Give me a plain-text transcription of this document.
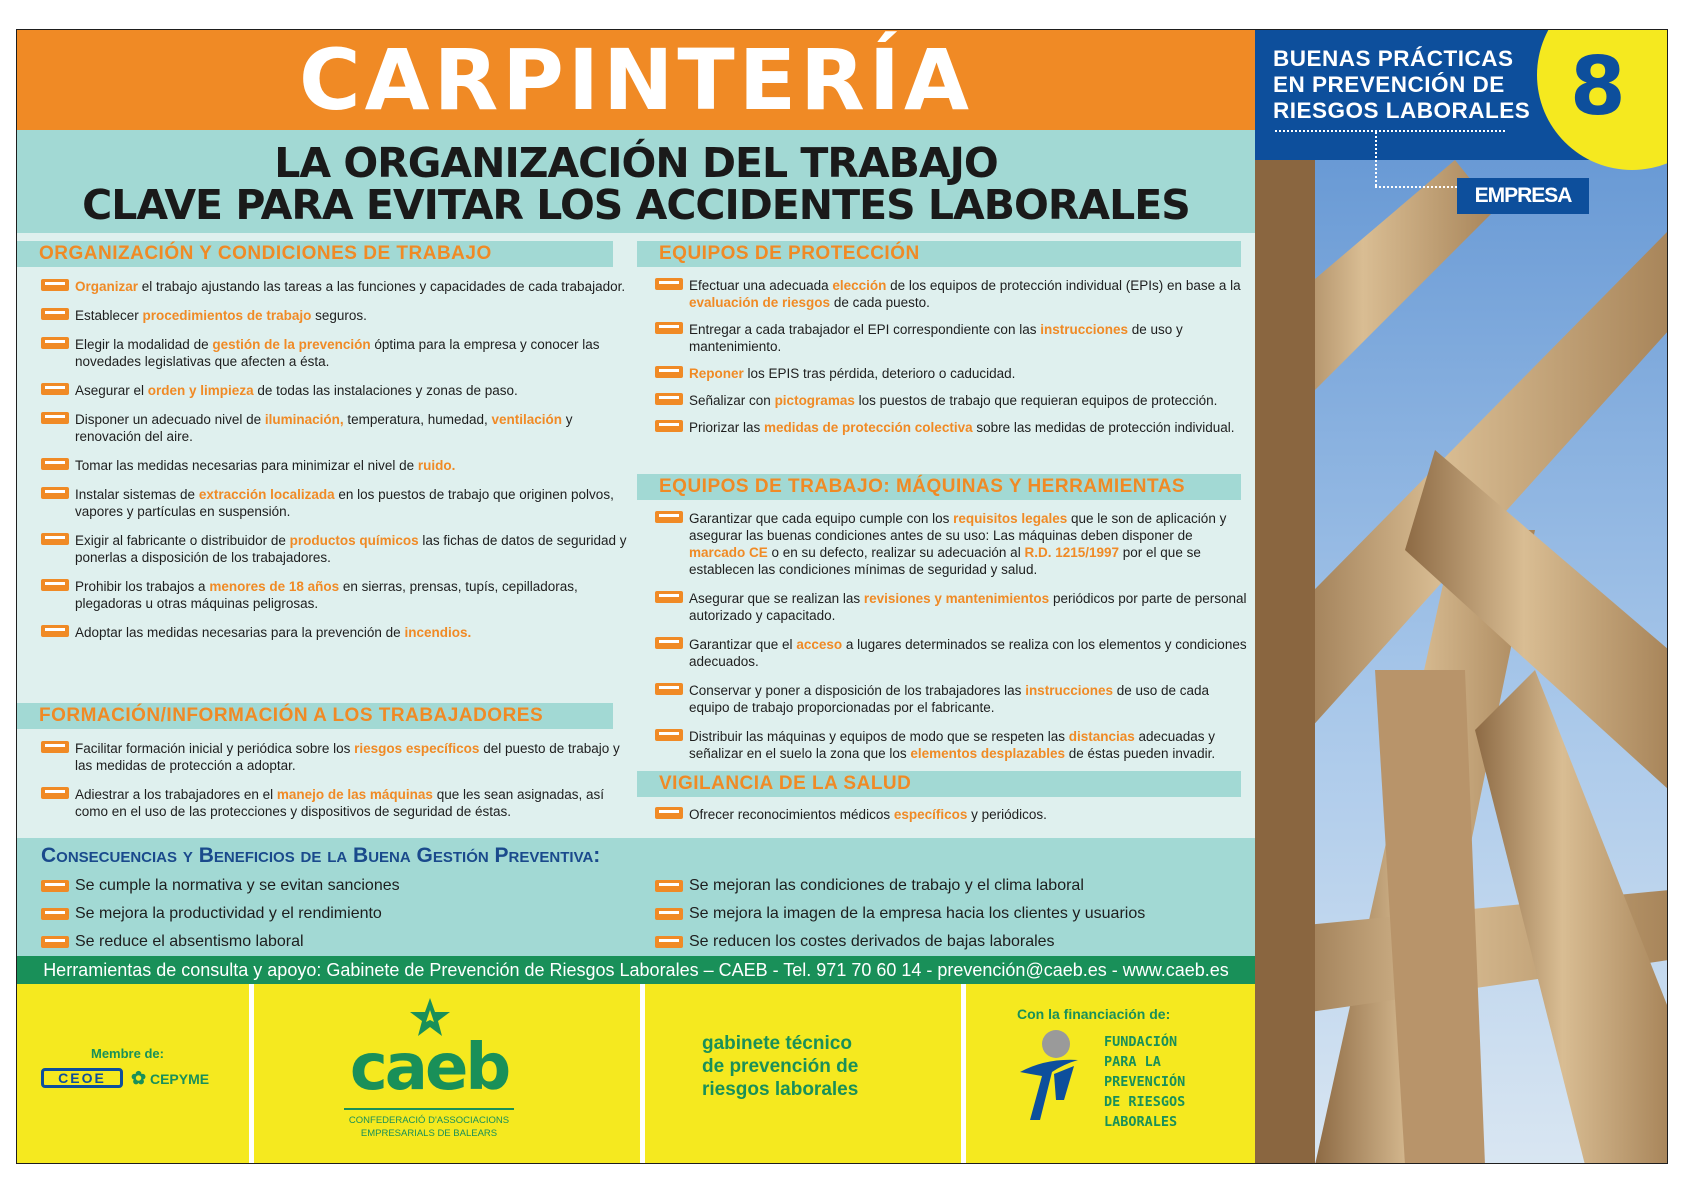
CARPINTERÍA
LA ORGANIZACIÓN DEL TRABAJO
CLAVE PARA EVITAR LOS ACCIDENTES LABORALES
ORGANIZACIÓN Y CONDICIONES DE TRABAJO
Organizar el trabajo ajustando las tareas a las funciones y capacidades de cada trabajador.
Establecer procedimientos de trabajo seguros.
Elegir la modalidad de gestión de la prevención óptima para la empresa y conocer las novedades legislativas que afecten a ésta.
Asegurar el orden y limpieza de todas las instalaciones y zonas de paso.
Disponer un adecuado nivel de iluminación, temperatura, humedad, ventilación y renovación del aire.
Tomar las medidas necesarias para minimizar el nivel de ruido.
Instalar sistemas de extracción localizada en los puestos de trabajo que originen polvos, vapores y partículas en suspensión.
Exigir al fabricante o distribuidor de productos químicos las fichas de datos de seguridad y ponerlas a disposición de los trabajadores.
Prohibir los trabajos a menores de 18 años en sierras, prensas, tupís, cepilladoras, plegadoras u otras máquinas peligrosas.
Adoptar las medidas necesarias para la prevención de incendios.
FORMACIÓN/INFORMACIÓN A LOS TRABAJADORES
Facilitar formación inicial y periódica sobre los riesgos específicos del puesto de trabajo y las medidas de protección a adoptar.
Adiestrar a los trabajadores en el manejo de las máquinas que les sean asignadas, así como en el uso de las protecciones y dispositivos de seguridad de éstas.
EQUIPOS DE PROTECCIÓN
Efectuar una adecuada elección de los equipos de protección individual (EPIs) en base a la evaluación de riesgos de cada puesto.
Entregar a cada trabajador el EPI correspondiente con las instrucciones de uso y mantenimiento.
Reponer los EPIS tras pérdida, deterioro o caducidad.
Señalizar con pictogramas los puestos de trabajo que requieran equipos de protección.
Priorizar las medidas de protección colectiva sobre las medidas de protección individual.
EQUIPOS DE TRABAJO: MÁQUINAS Y HERRAMIENTAS
Garantizar que cada equipo cumple con los requisitos legales que le son de aplicación y asegurar las buenas condiciones antes de su uso: Las máquinas deben disponer de marcado CE o en su defecto, realizar su adecuación al R.D. 1215/1997 por el que se establecen las condiciones mínimas de seguridad y salud.
Asegurar que se realizan las revisiones y mantenimientos periódicos por parte de personal autorizado y capacitado.
Garantizar que el acceso a lugares determinados se realiza con los elementos y condiciones adecuados.
Conservar y poner a disposición de los trabajadores las instrucciones de uso de cada equipo de trabajo proporcionadas por el fabricante.
Distribuir las máquinas y equipos de modo que se respeten las distancias adecuadas y señalizar en el suelo la zona que los elementos desplazables de éstas pueden invadir.
VIGILANCIA DE LA SALUD
Ofrecer reconocimientos médicos específicos y periódicos.
Consecuencias y Beneficios de la Buena Gestión Preventiva:
Se cumple la normativa y se evitan sanciones
Se mejora la productividad y el rendimiento
Se reduce el absentismo laboral
Se mejoran las condiciones de trabajo y el clima laboral
Se mejora la imagen de la empresa hacia los clientes y usuarios
Se reducen los costes derivados de bajas laborales
Herramientas de consulta y apoyo: Gabinete de Prevención de Riesgos Laborales – CAEB - Tel. 971 70 60 14 - prevención@caeb.es - www.caeb.es
Membre de:
CEOE	✿ CEPYME caeb
CONFEDERACIÓ D'ASSOCIACIONS
EMPRESARIALS DE BALEARS
gabinete técnico
de prevención de
riesgos laborales
Con la financiación de:
FUNDACIÓN
PARA LA
PREVENCIÓN
DE RIESGOS
LABORALES
BUENAS PRÁCTICAS
EN PREVENCIÓN DE
RIESGOS LABORALES 8
EMPRESA
